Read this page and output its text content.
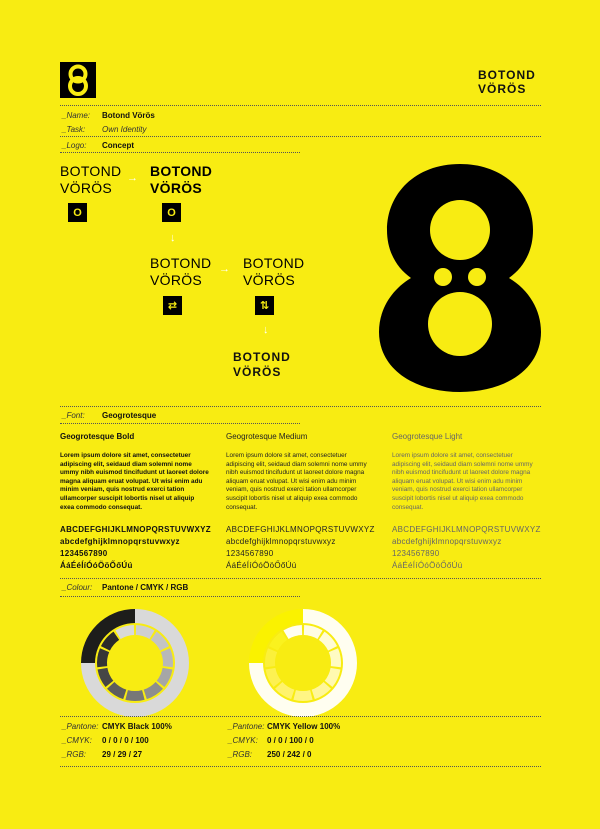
BOTOND
VÖRÖS
_Name: Botond Vörös
_Task: Own Identity
_Logo: Concept
BOTOND
VÖRÖS
O
→ BOTOND
VÖRÖS
O
↓
BOTOND
VÖRÖS
⇄
→ BOTOND
VÖRÖS
⇅
↓
BOTOND
VÖRÖS
_Font: Geogrotesque
Geogrotesque Bold
Lorem ipsum dolore sit amet, consectetuer adipiscing elit, seidaud diam solemni nome ummy nibh euismod tincifudunt ut laoreet dolore magna aliquam eruat volupat. Ut wisi enim adu minim veniam, quis nostrud exerci tation ullamcorper suscipit lobortis nisel ut aliquip exea commodo consequat.
ABCDEFGHIJKLMNOPQRSTUVWXYZ
abcdefghijklmnopqrstuvwxyz
1234567890
ÁáÉéÍíÓóÖöŐőÚú
Geogrotesque Medium
Lorem ipsum dolore sit amet, consectetuer adipiscing elit, seidaud diam solemni nome ummy nibh euismod tincifudunt ut laoreet dolore magna aliquam eruat volupat. Ut wisi enim adu minim veniam, quis nostrud exerci tation ullamcorper suscipit lobortis nisel ut aliquip exea commodo consequat.
ABCDEFGHIJKLMNOPQRSTUVWXYZ
abcdefghijklmnopqrstuvwxyz
1234567890
ÁáÉéÍíÓóÖöŐőÚú
Geogrotesque Light
Lorem ipsum dolore sit amet, consectetuer adipiscing elit, seidaud diam solemni nome ummy nibh euismod tincifudunt ut laoreet dolore magna aliquam eruat volupat. Ut wisi enim adu minim veniam, quis nostrud exerci tation ullamcorper suscipit lobortis nisel ut aliquip exea commodo consequat.
ABCDEFGHIJKLMNOPQRSTUVWXYZ
abcdefghijklmnopqrstuvwxyz
1234567890
ÁáÉéÍíÓóÖöŐőÚú
_Colour: Pantone / CMYK / RGB
_Pantone: CMYK Black 100%
_CMYK: 0 / 0 / 0 / 100
_RGB: 29 / 29 / 27
_Pantone: CMYK Yellow 100%
_CMYK: 0 / 0 / 100 / 0
_RGB: 250 / 242 / 0
